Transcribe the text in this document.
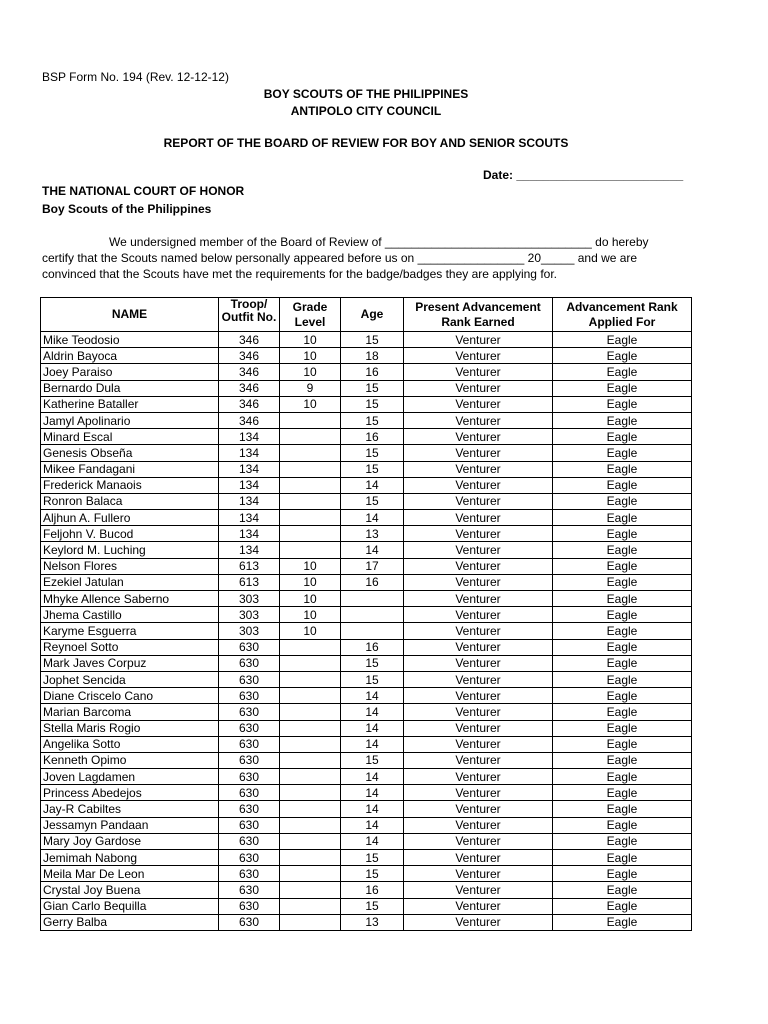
BSP Form No. 194 (Rev. 12-12-12)
BOY SCOUTS OF THE PHILIPPINES
ANTIPOLO CITY COUNCIL
REPORT OF THE BOARD OF REVIEW FOR BOY AND SENIOR SCOUTS
Date: _________________________
THE NATIONAL COURT OF HONOR
Boy Scouts of the Philippines
We undersigned member of the Board of Review of _______________________________ do hereby
certify that the Scouts named below personally appeared before us on ________________ 20_____ and we are
convinced that the Scouts have met the requirements for the badge/badges they are applying for.
NAME	Troop/ Outfit No.	Grade Level	Age	Present Advancement Rank Earned	Advancement Rank Applied For
Mike Teodosio	346	10	15	Venturer	Eagle
Aldrin Bayoca	346	10	18	Venturer	Eagle
Joey Paraiso	346	10	16	Venturer	Eagle
Bernardo Dula	346	9	15	Venturer	Eagle
Katherine Bataller	346	10	15	Venturer	Eagle
Jamyl Apolinario	346		15	Venturer	Eagle
Minard Escal	134		16	Venturer	Eagle
Genesis Obseña	134		15	Venturer	Eagle
Mikee Fandagani	134		15	Venturer	Eagle
Frederick Manaois	134		14	Venturer	Eagle
Ronron Balaca	134		15	Venturer	Eagle
Aljhun A. Fullero	134		14	Venturer	Eagle
Feljohn V. Bucod	134		13	Venturer	Eagle
Keylord M. Luching	134		14	Venturer	Eagle
Nelson Flores	613	10	17	Venturer	Eagle
Ezekiel Jatulan	613	10	16	Venturer	Eagle
Mhyke Allence Saberno	303	10		Venturer	Eagle
Jhema Castillo	303	10		Venturer	Eagle
Karyme Esguerra	303	10		Venturer	Eagle
Reynoel Sotto	630		16	Venturer	Eagle
Mark Javes Corpuz	630		15	Venturer	Eagle
Jophet Sencida	630		15	Venturer	Eagle
Diane Criscelo Cano	630		14	Venturer	Eagle
Marian Barcoma	630		14	Venturer	Eagle
Stella Maris Rogio	630		14	Venturer	Eagle
Angelika Sotto	630		14	Venturer	Eagle
Kenneth Opimo	630		15	Venturer	Eagle
Joven Lagdamen	630		14	Venturer	Eagle
Princess Abedejos	630		14	Venturer	Eagle
Jay-R Cabiltes	630		14	Venturer	Eagle
Jessamyn Pandaan	630		14	Venturer	Eagle
Mary Joy Gardose	630		14	Venturer	Eagle
Jemimah Nabong	630		15	Venturer	Eagle
Meila Mar De Leon	630		15	Venturer	Eagle
Crystal Joy Buena	630		16	Venturer	Eagle
Gian Carlo Bequilla	630		15	Venturer	Eagle
Gerry Balba	630		13	Venturer	Eagle
